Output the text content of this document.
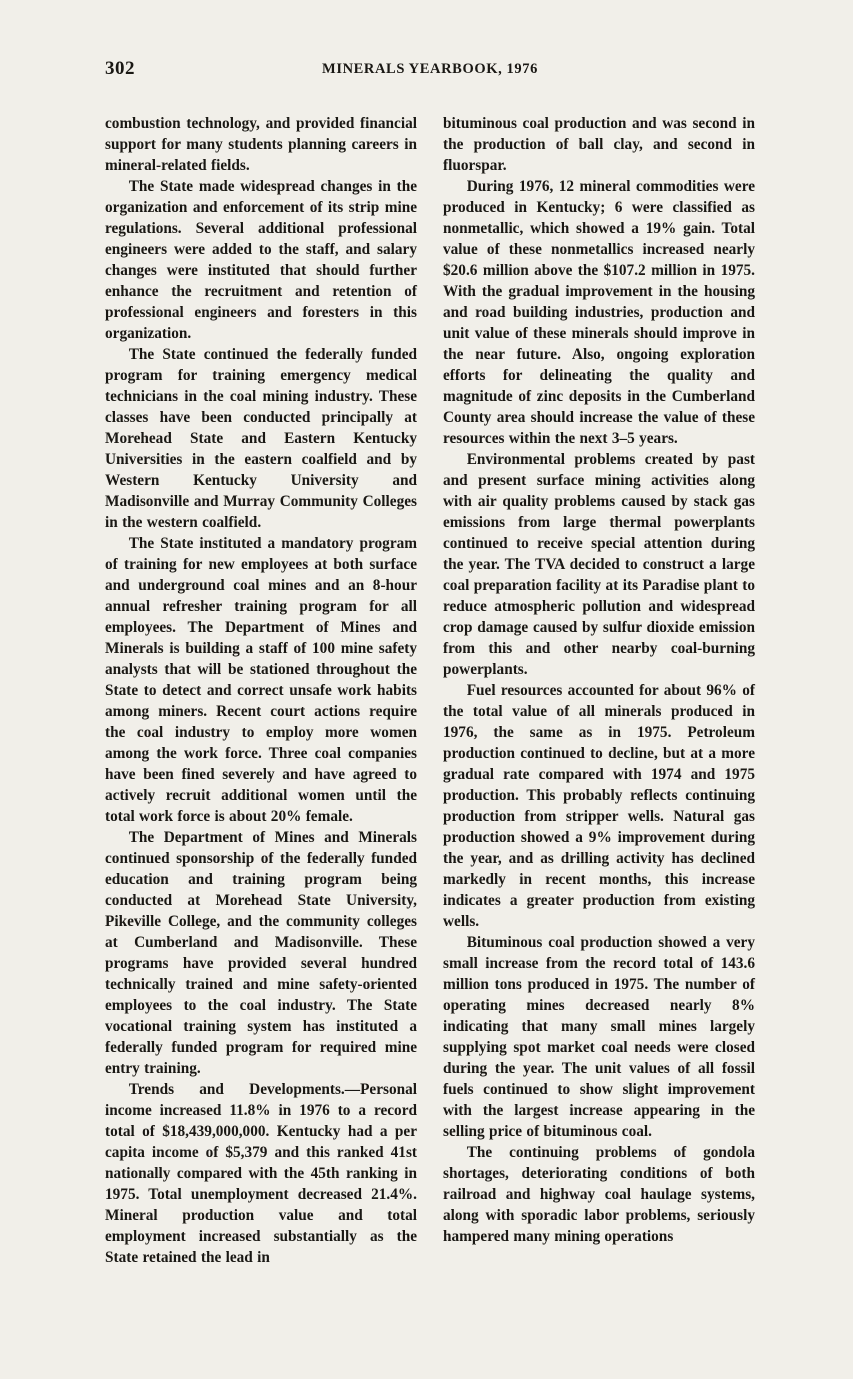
302	MINERALS YEARBOOK, 1976

combustion technology, and provided financial support for many students planning careers in mineral-related fields.

The State made widespread changes in the organization and enforcement of its strip mine regulations. Several additional professional engineers were added to the staff, and salary changes were instituted that should further enhance the recruitment and retention of professional engineers and foresters in this organization.

The State continued the federally funded program for training emergency medical technicians in the coal mining industry. These classes have been conducted principally at Morehead State and Eastern Kentucky Universities in the eastern coalfield and by Western Kentucky University and Madisonville and Murray Community Colleges in the western coalfield.

The State instituted a mandatory program of training for new employees at both surface and underground coal mines and an 8-hour annual refresher training program for all employees. The Department of Mines and Minerals is building a staff of 100 mine safety analysts that will be stationed throughout the State to detect and correct unsafe work habits among miners. Recent court actions require the coal industry to employ more women among the work force. Three coal companies have been fined severely and have agreed to actively recruit additional women until the total work force is about 20% female.

The Department of Mines and Minerals continued sponsorship of the federally funded education and training program being conducted at Morehead State University, Pikeville College, and the community colleges at Cumberland and Madisonville. These programs have provided several hundred technically trained and mine safety-oriented employees to the coal industry. The State vocational training system has instituted a federally funded program for required mine entry training.

Trends and Developments.—Personal income increased 11.8% in 1976 to a record total of $18,439,000,000. Kentucky had a per capita income of $5,379 and this ranked 41st nationally compared with the 45th ranking in 1975. Total unemployment decreased 21.4%. Mineral production value and total employment increased substantially as the State retained the lead in

bituminous coal production and was second in the production of ball clay, and second in fluorspar.

During 1976, 12 mineral commodities were produced in Kentucky; 6 were classified as nonmetallic, which showed a 19% gain. Total value of these nonmetallics increased nearly $20.6 million above the $107.2 million in 1975. With the gradual improvement in the housing and road building industries, production and unit value of these minerals should improve in the near future. Also, ongoing exploration efforts for delineating the quality and magnitude of zinc deposits in the Cumberland County area should increase the value of these resources within the next 3–5 years.

Environmental problems created by past and present surface mining activities along with air quality problems caused by stack gas emissions from large thermal powerplants continued to receive special attention during the year. The TVA decided to construct a large coal preparation facility at its Paradise plant to reduce atmospheric pollution and widespread crop damage caused by sulfur dioxide emission from this and other nearby coal-burning powerplants.

Fuel resources accounted for about 96% of the total value of all minerals produced in 1976, the same as in 1975. Petroleum production continued to decline, but at a more gradual rate compared with 1974 and 1975 production. This probably reflects continuing production from stripper wells. Natural gas production showed a 9% improvement during the year, and as drilling activity has declined markedly in recent months, this increase indicates a greater production from existing wells.

Bituminous coal production showed a very small increase from the record total of 143.6 million tons produced in 1975. The number of operating mines decreased nearly 8% indicating that many small mines largely supplying spot market coal needs were closed during the year. The unit values of all fossil fuels continued to show slight improvement with the largest increase appearing in the selling price of bituminous coal.

The continuing problems of gondola shortages, deteriorating conditions of both railroad and highway coal haulage systems, along with sporadic labor problems, seriously hampered many mining operations
